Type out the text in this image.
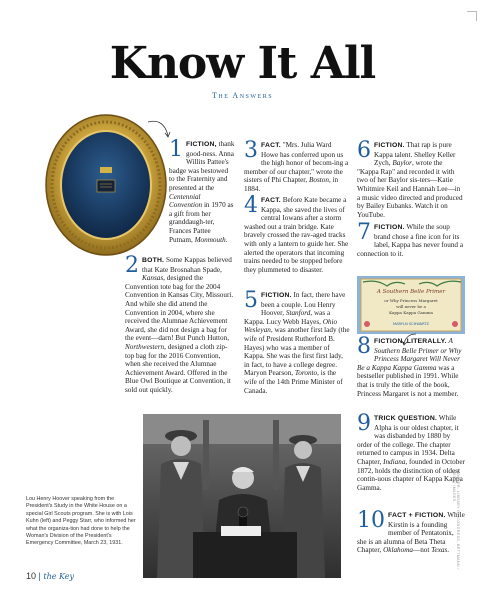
Know It All
The Answers

1 FICTION, thank good-ness. Anna Willits Pattee's badge was bestowed to the Fraternity and presented at the Centennial Convention in 1970 as a gift from her granddaugh-ter, Frances Pattee Putnam, Monmouth.

2 BOTH. Some Kappas believed that Kate Brosnahan Spade, Kansas, designed the Convention tote bag for the 2004 Convention in Kansas City, Missouri. And while she did attend the Convention in 2004, where she received the Alumnae Achievement Award, she did not design a bag for the event—darn! But Punch Hutton, Northwestern, designed a cloth zip-top bag for the 2016 Convention, when she received the Alumnae Achievement Award. Offered in the Blue Owl Boutique at Convention, it sold out quickly.

3 FACT. "Mrs. Julia Ward Howe has conferred upon us the high honor of becom-ing a member of our chapter," wrote the sisters of Phi Chapter, Boston, in 1884.

4 FACT. Before Kate became a Kappa, she saved the lives of central Iowans after a storm washed out a train bridge. Kate bravely crossed the rav-aged tracks with only a lantern to guide her. She alerted the operators that incoming trains needed to be stopped before they plummeted to disaster.

5 FICTION. In fact, there have been a couple. Lou Henry Hoover, Stanford, was a Kappa. Lucy Webb Hayes, Ohio Wesleyan, was another first lady (the wife of President Rutherford B. Hayes) who was a member of Kappa. She was the first first lady, in fact, to have a college degree. Maryon Pearson, Toronto, is the wife of the 14th Prime Minister of Canada.

6 FICTION. That rap is pure Kappa talent. Shelley Keller Zych, Baylor, wrote the "Kappa Rap" and recorded it with two of her Baylor sis-ters—Katie Whitmire Keil and Hannah Lee—in a music video directed and produced by Bailey Eubanks. Watch it on YouTube.

7 FICTION. While the soup brand chose a fine icon for its label, Kappa has never found a connection to it.

8 FICTION, LITERALLY. A Southern Belle Primer or Why Princess Margaret Will Never Be a Kappa Kappa Gamma was a bestseller published in 1991. While that is truly the title of the book, Princess Margaret is not a member.

9 TRICK QUESTION. While Alpha is our oldest chapter, it was disbanded by 1880 by order of the college. The chapter returned to campus in 1934. Delta Chapter, Indiana, founded in October 1872, holds the distinction of oldest contin-uous chapter of Kappa Kappa Gamma.

10 FACT + FICTION. While Kirstin is a founding member of Pentatonix, she is an alumna of Beta Theta Chapter, Oklahoma—not Texas.

A Southern Belle Primer
or Why Princess Margaret
will never be a
Kappa Kappa Gamma
MARYLN SCHWARTZ
Lou Henry Hoover speaking from the President's Study in the White House on a special Girl Scouts program. She is with Lois Kuhn (left) and Peggy Starr, who informed her what the organiza-tion had done to help the Woman's Division of the President's Emergency Committee, March 23, 1931.
10 | the Key
HOOVER: LIBRARY OF CONGRESS, BETTMANN / GETTY IMAGES
